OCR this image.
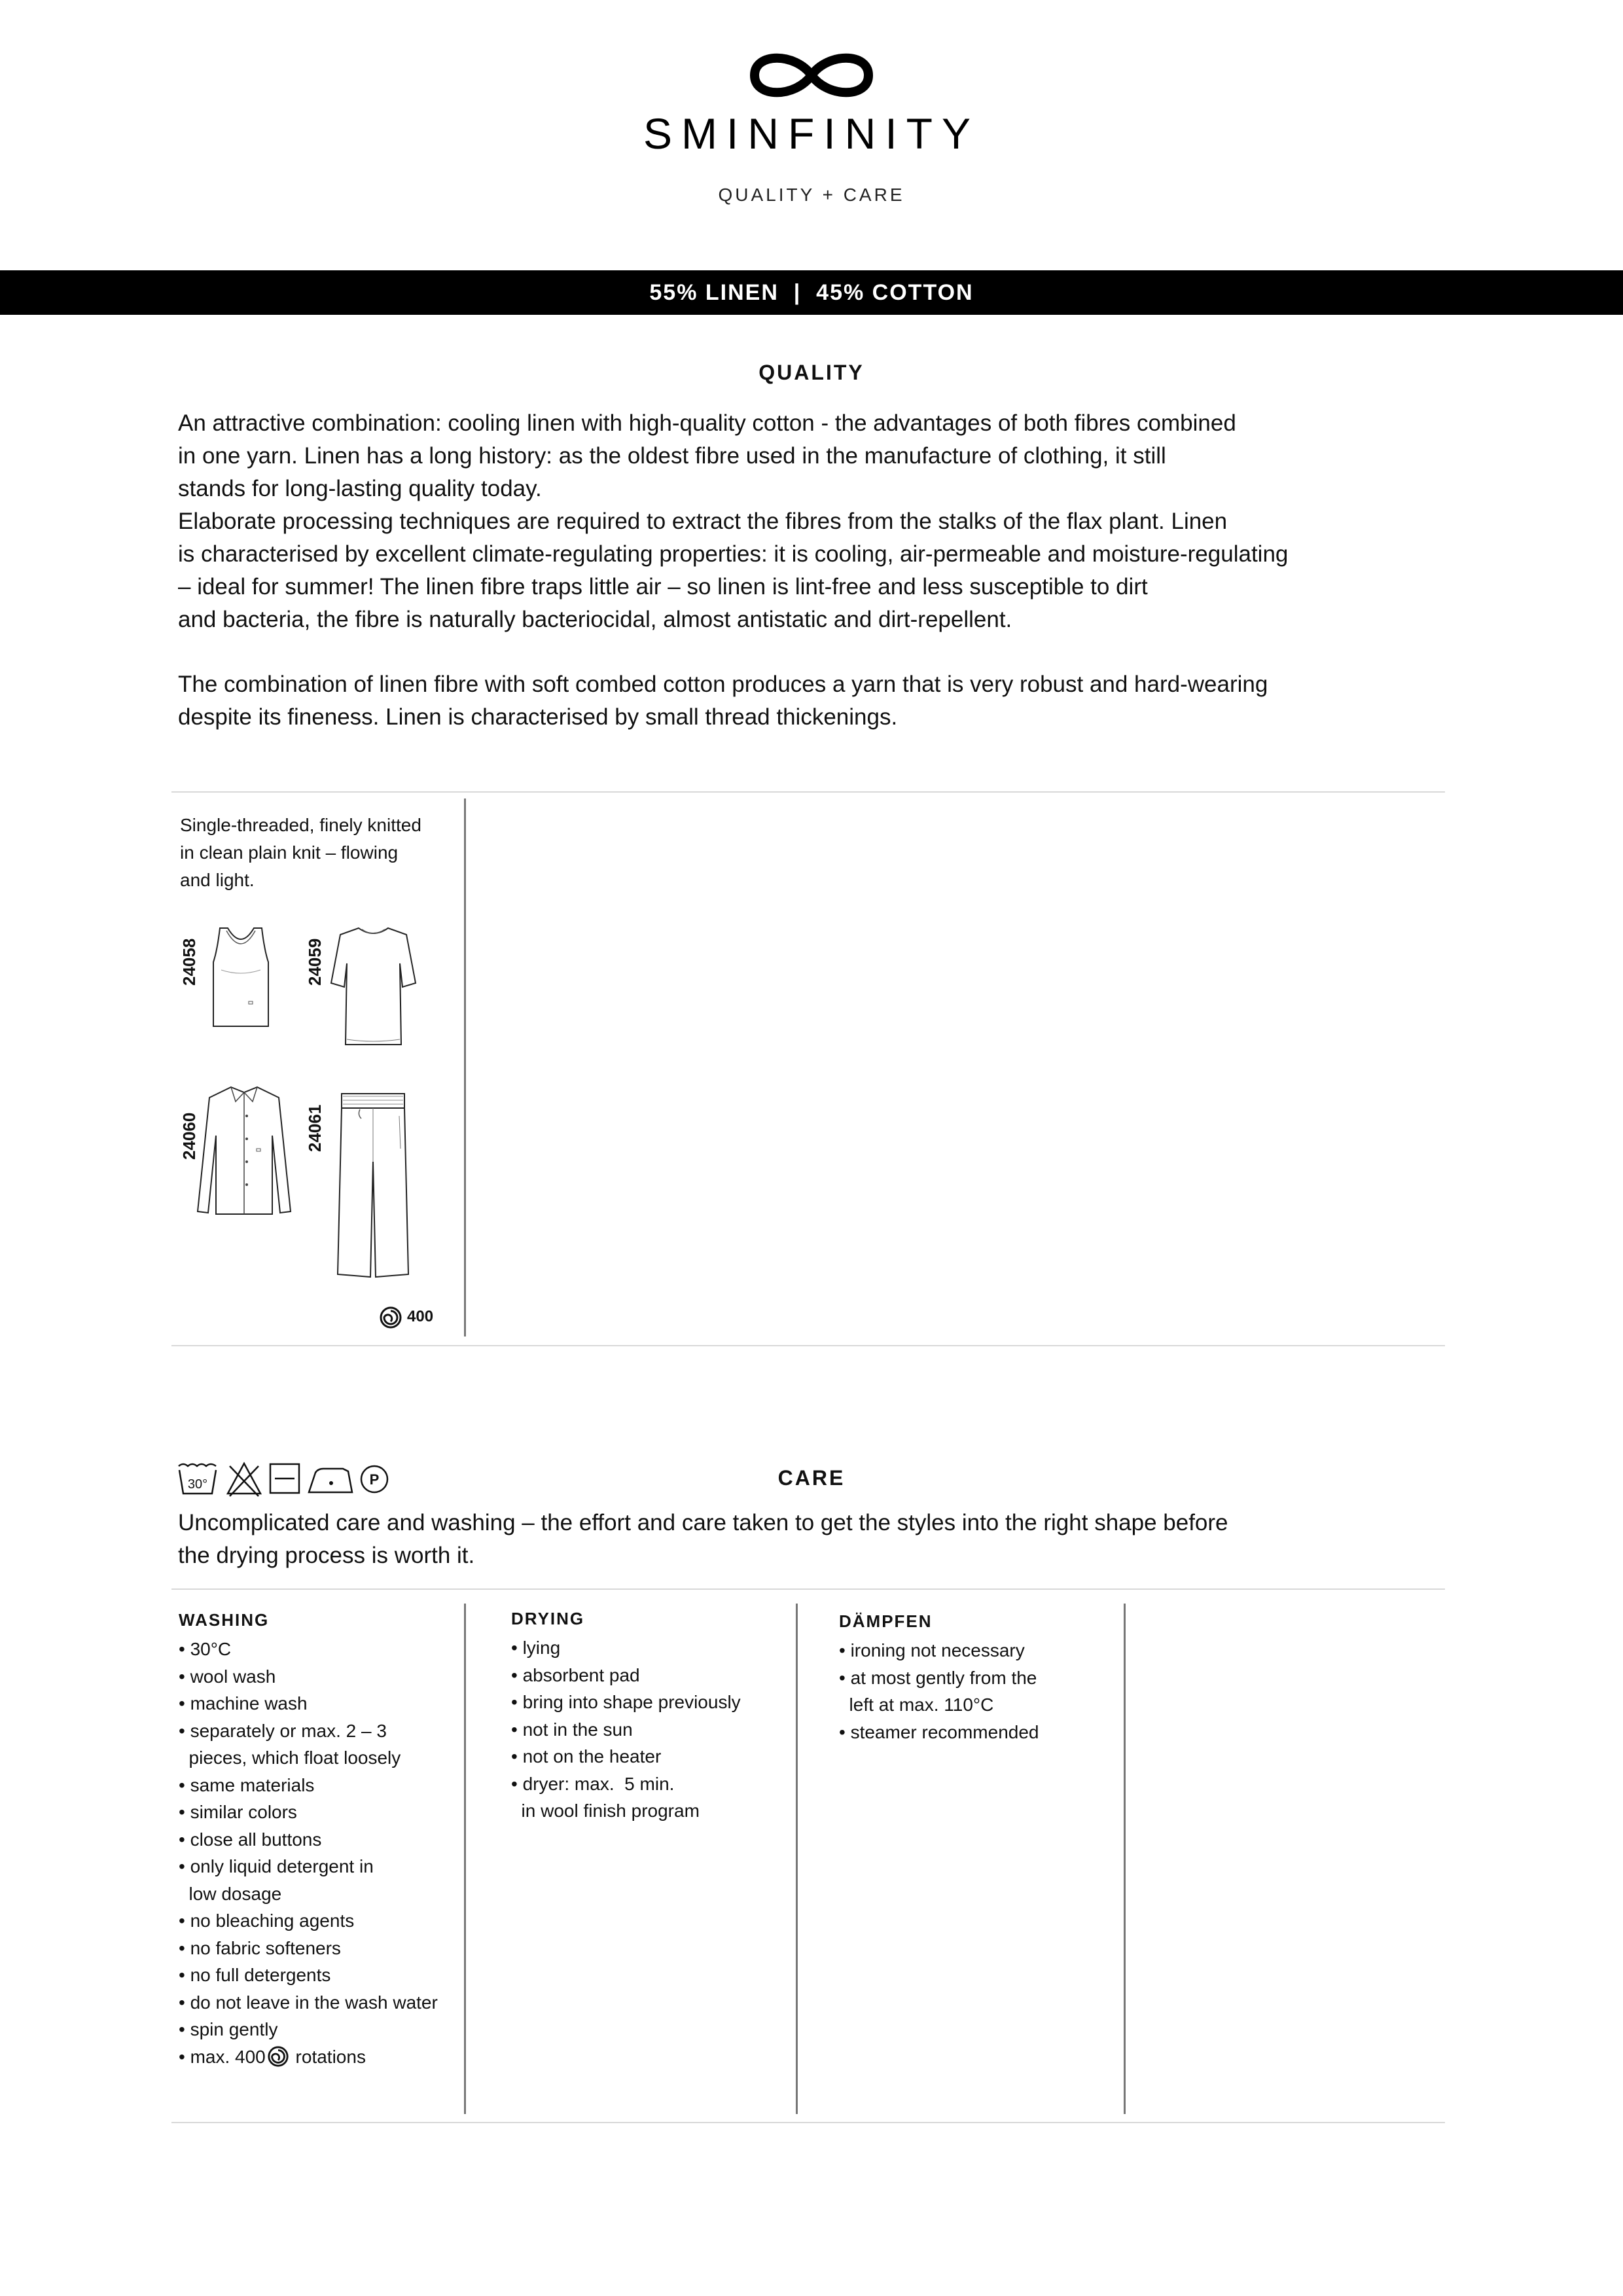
SMINFINITY
QUALITY + CARE
55% LINEN  |  45% COTTON
QUALITY

An attractive combination: cooling linen with high-quality cotton - the advantages of both fibres combined

in one yarn. Linen has a long history: as the oldest fibre used in the manufacture of clothing, it still

stands for long-lasting quality today.

Elaborate processing techniques are required to extract the fibres from the stalks of the flax plant. Linen

is characterised by excellent climate-regulating properties: it is cooling, air-permeable and moisture-regulating

– ideal for summer! The linen fibre traps little air – so linen is lint-free and less susceptible to dirt

and bacteria, the fibre is naturally bacteriocidal, almost antistatic and dirt-repellent.

The combination of linen fibre with soft combed cotton produces a yarn that is very robust and hard-wearing

despite its fineness. Linen is characterised by small thread thickenings.

Single-threaded, finely knitted
in clean plain knit – flowing
and light.
24058	24059
24060	24061
400
30°	P	CARE

Uncomplicated care and washing – the effort and care taken to get the styles into the right shape before

the drying process is worth it.

WASHING
• 30°C
• wool wash
• machine wash
• separately or max. 2 – 3
pieces, which float loosely
• same materials
• similar colors
• close all buttons
• only liquid detergent in
low dosage
• no bleaching agents
• no fabric softeners
• no full detergents
• do not leave in the wash water
• spin gently
• max. 400 rotations
DRYING
• lying
• absorbent pad
• bring into shape previously
• not in the sun
• not on the heater
• dryer: max.  5 min.
in wool finish program
DÄMPFEN
• ironing not necessary
• at most gently from the
left at max. 110°C
• steamer recommended
